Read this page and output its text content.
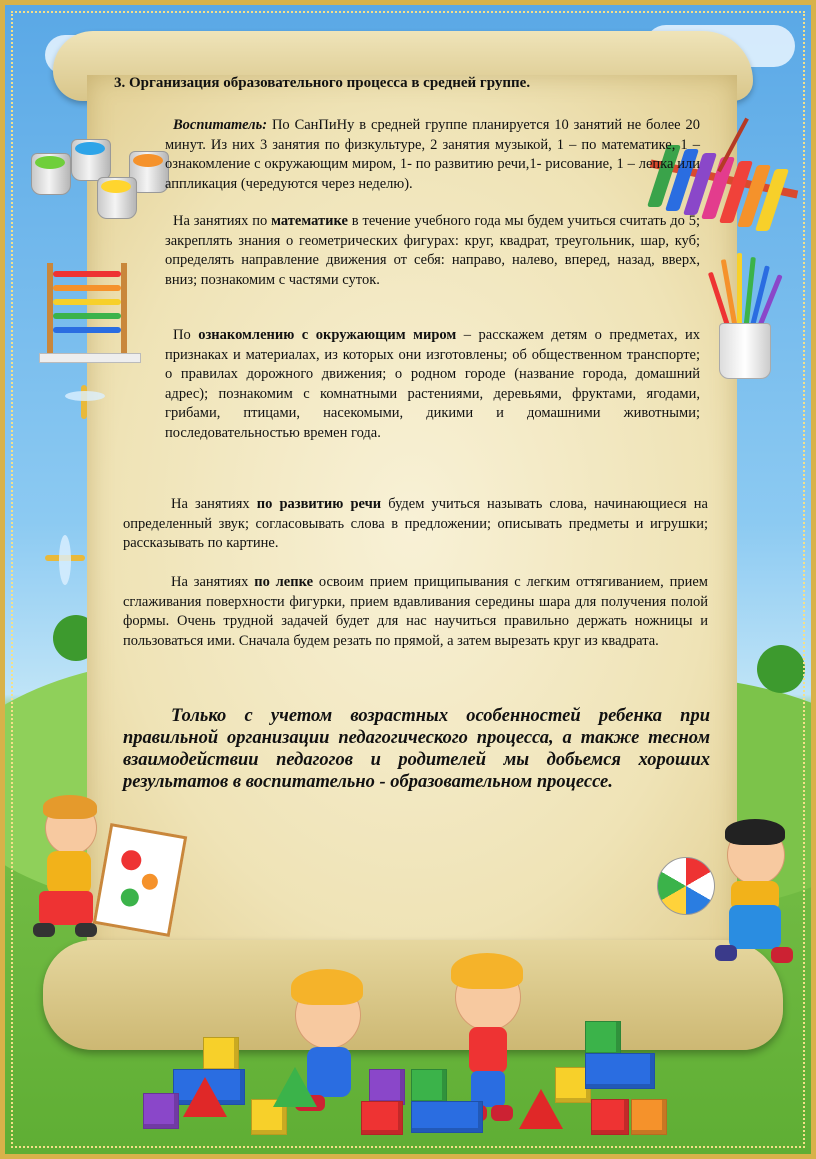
3. Организация образовательного процесса в средней группе.
Воспитатель: По СанПиНу в средней группе планируется 10 занятий не более 20 минут. Из них 3 занятия по физкультуре, 2 занятия музыкой, 1 – по математике, 1 – ознакомление с окружающим миром, 1- по развитию речи,1- рисование, 1 – лепка или аппликация (чередуются через неделю).
На занятиях по математике в течение учебного года мы будем учиться считать до 5; закреплять знания о геометрических фигурах: круг, квадрат, треугольник, шар, куб; определять направление движения от себя: направо, налево, вперед, назад, вверх, вниз; познакомим с частями суток.
По ознакомлению с окружающим миром – расскажем детям о предметах, их признаках и материалах, из которых они изготовлены; об общественном транспорте; о правилах дорожного движения; о родном городе (название города, домашний адрес); познакомим с комнатными растениями, деревьями, фруктами, ягодами, грибами, птицами, насекомыми, дикими и домашними животными; последовательностью времен года.
На занятиях по развитию речи будем учиться называть слова, начинающиеся на определенный звук; согласовывать слова в предложении; описывать предметы и игрушки; рассказывать по картине.
На занятиях по лепке освоим прием прищипывания с легким оттягиванием, прием сглаживания поверхности фигурки, прием вдавливания середины шара для получения полой формы. Очень трудной задачей будет для нас научиться правильно держать ножницы и пользоваться ими. Сначала будем резать по прямой, а затем вырезать круг из квадрата.
Только с учетом возрастных особенностей ребенка при правильной организации педагогического процесса, а также тесном взаимодействии педагогов и родителей мы добьемся хороших результатов в воспитательно - образовательном процессе.
